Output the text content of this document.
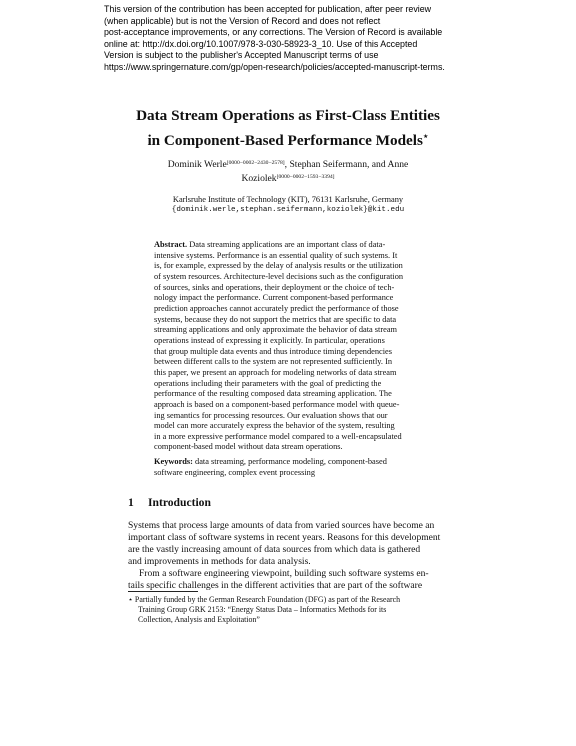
This version of the contribution has been accepted for publication, after peer review
(when applicable) but is not the Version of Record and does not reflect
post-acceptance improvements, or any corrections. The Version of Record is available
online at: http://dx.doi.org/10.1007/978-3-030-58923-3_10. Use of this Accepted
Version is subject to the publisher's Accepted Manuscript terms of use
https://www.springernature.com/gp/open-research/policies/accepted-manuscript-terms.
Data Stream Operations as First-Class Entities
in Component-Based Performance Models⋆
Dominik Werle[0000−0002−2430−2578], Stephan Seifermann, and Anne
Koziolek[0000−0002−1593−3394]
Karlsruhe Institute of Technology (KIT), 76131 Karlsruhe, Germany
{dominik.werle,stephan.seifermann,koziolek}@kit.edu
Abstract. Data streaming applications are an important class of data-
intensive systems. Performance is an essential quality of such systems. It
is, for example, expressed by the delay of analysis results or the utilization
of system resources. Architecture-level decisions such as the configuration
of sources, sinks and operations, their deployment or the choice of tech-
nology impact the performance. Current component-based performance
prediction approaches cannot accurately predict the performance of those
systems, because they do not support the metrics that are specific to data
streaming applications and only approximate the behavior of data stream
operations instead of expressing it explicitly. In particular, operations
that group multiple data events and thus introduce timing dependencies
between different calls to the system are not represented sufficiently. In
this paper, we present an approach for modeling networks of data stream
operations including their parameters with the goal of predicting the
performance of the resulting composed data streaming application. The
approach is based on a component-based performance model with queue-
ing semantics for processing resources. Our evaluation shows that our
model can more accurately express the behavior of the system, resulting
in a more expressive performance model compared to a well-encapsulated
component-based model without data stream operations.
Keywords: data streaming, performance modeling, component-based
software engineering, complex event processing
1 Introduction
Systems that process large amounts of data from varied sources have become an
important class of software systems in recent years. Reasons for this development
are the vastly increasing amount of data sources from which data is gathered
and improvements in methods for data analysis.
From a software engineering viewpoint, building such software systems en-
tails specific challenges in the different activities that are part of the software
⋆ Partially funded by the German Research Foundation (DFG) as part of the Research
Training Group GRK 2153: “Energy Status Data – Informatics Methods for its
Collection, Analysis and Exploitation”
